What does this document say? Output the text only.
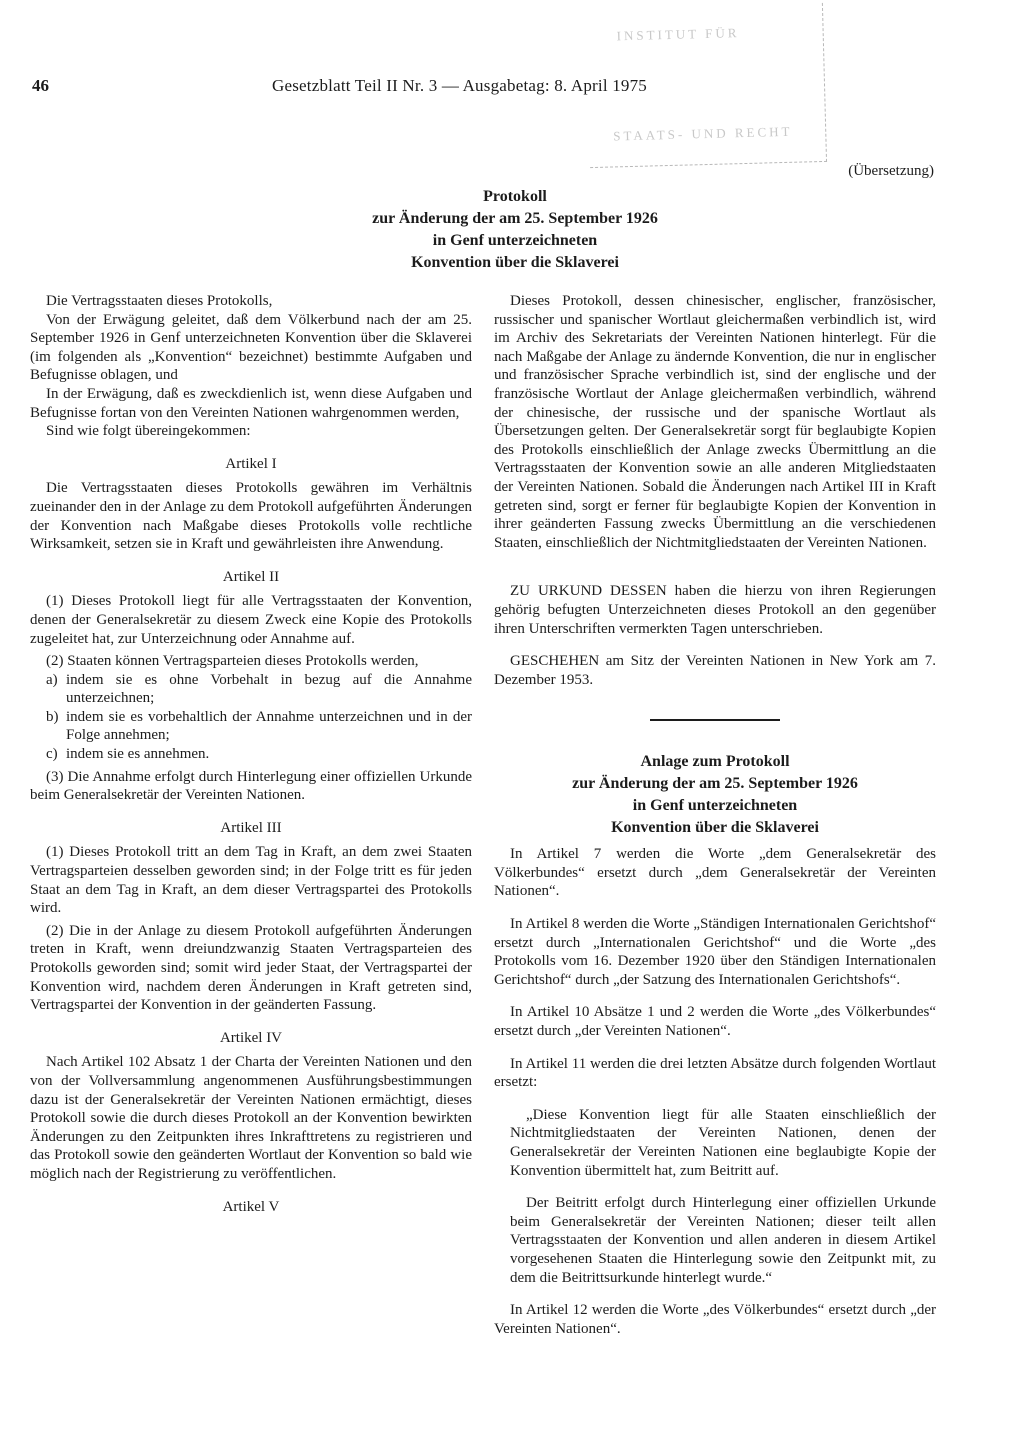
46	Gesetzblatt Teil II Nr. 3 — Ausgabetag: 8. April 1975
INSTITUT FÜR
STAATS- UND RECHT
(Übersetzung)
Protokoll
zur Änderung der am 25. September 1926
in Genf unterzeichneten
Konvention über die Sklaverei

Die Vertragsstaaten dieses Protokolls,

Von der Erwägung geleitet, daß dem Völkerbund nach der am 25. September 1926 in Genf unterzeichneten Konvention über die Sklaverei (im folgenden als „Konvention“ bezeichnet) bestimmte Aufgaben und Befugnisse oblagen, und

In der Erwägung, daß es zweckdienlich ist, wenn diese Aufgaben und Befugnisse fortan von den Vereinten Nationen wahrgenommen werden,

Sind wie folgt übereingekommen:

Artikel I

Die Vertragsstaaten dieses Protokolls gewähren im Verhältnis zueinander den in der Anlage zu dem Protokoll aufgeführten Änderungen der Konvention nach Maßgabe dieses Protokolls volle rechtliche Wirksamkeit, setzen sie in Kraft und gewährleisten ihre Anwendung.

Artikel II

(1) Dieses Protokoll liegt für alle Vertragsstaaten der Konvention, denen der Generalsekretär zu diesem Zweck eine Kopie des Protokolls zugeleitet hat, zur Unterzeichnung oder Annahme auf.

(2) Staaten können Vertragsparteien dieses Protokolls werden,

a) indem sie es ohne Vorbehalt in bezug auf die Annahme unterzeichnen;
b) indem sie es vorbehaltlich der Annahme unterzeichnen und in der Folge annehmen;
c) indem sie es annehmen.

(3) Die Annahme erfolgt durch Hinterlegung einer offiziellen Urkunde beim Generalsekretär der Vereinten Nationen.

Artikel III

(1) Dieses Protokoll tritt an dem Tag in Kraft, an dem zwei Staaten Vertragsparteien desselben geworden sind; in der Folge tritt es für jeden Staat an dem Tag in Kraft, an dem dieser Vertragspartei des Protokolls wird.

(2) Die in der Anlage zu diesem Protokoll aufgeführten Änderungen treten in Kraft, wenn dreiundzwanzig Staaten Vertragsparteien des Protokolls geworden sind; somit wird jeder Staat, der Vertragspartei der Konvention wird, nachdem deren Änderungen in Kraft getreten sind, Vertragspartei der Konvention in der geänderten Fassung.

Artikel IV

Nach Artikel 102 Absatz 1 der Charta der Vereinten Nationen und den von der Vollversammlung angenommenen Ausführungsbestimmungen dazu ist der Generalsekretär der Vereinten Nationen ermächtigt, dieses Protokoll sowie die durch dieses Protokoll an der Konvention bewirkten Änderungen zu den Zeitpunkten ihres Inkrafttretens zu registrieren und das Protokoll sowie den geänderten Wortlaut der Konvention so bald wie möglich nach der Registrierung zu veröffentlichen.

Artikel V

Dieses Protokoll, dessen chinesischer, englischer, französischer, russischer und spanischer Wortlaut gleichermaßen verbindlich ist, wird im Archiv des Sekretariats der Vereinten Nationen hinterlegt. Für die nach Maßgabe der Anlage zu ändernde Konvention, die nur in englischer und französischer Sprache verbindlich ist, sind der englische und der französische Wortlaut der Anlage gleichermaßen verbindlich, während der chinesische, der russische und der spanische Wortlaut als Übersetzungen gelten. Der Generalsekretär sorgt für beglaubigte Kopien des Protokolls einschließlich der Anlage zwecks Übermittlung an die Vertragsstaaten der Konvention sowie an alle anderen Mitgliedstaaten der Vereinten Nationen. Sobald die Änderungen nach Artikel III in Kraft getreten sind, sorgt er ferner für beglaubigte Kopien der Konvention in ihrer geänderten Fassung zwecks Übermittlung an die verschiedenen Staaten, einschließlich der Nichtmitgliedstaaten der Vereinten Nationen.

ZU URKUND DESSEN haben die hierzu von ihren Regierungen gehörig befugten Unterzeichneten dieses Protokoll an den gegenüber ihren Unterschriften vermerkten Tagen unterschrieben.

GESCHEHEN am Sitz der Vereinten Nationen in New York am 7. Dezember 1953.

Anlage zum Protokoll
zur Änderung der am 25. September 1926
in Genf unterzeichneten
Konvention über die Sklaverei

In Artikel 7 werden die Worte „dem Generalsekretär des Völkerbundes“ ersetzt durch „dem Generalsekretär der Vereinten Nationen“.

In Artikel 8 werden die Worte „Ständigen Internationalen Gerichtshof“ ersetzt durch „Internationalen Gerichtshof“ und die Worte „des Protokolls vom 16. Dezember 1920 über den Ständigen Internationalen Gerichtshof“ durch „der Satzung des Internationalen Gerichtshofs“.

In Artikel 10 Absätze 1 und 2 werden die Worte „des Völkerbundes“ ersetzt durch „der Vereinten Nationen“.

In Artikel 11 werden die drei letzten Absätze durch folgenden Wortlaut ersetzt:

„Diese Konvention liegt für alle Staaten einschließlich der Nichtmitgliedstaaten der Vereinten Nationen, denen der Generalsekretär der Vereinten Nationen eine beglaubigte Kopie der Konvention übermittelt hat, zum Beitritt auf.

Der Beitritt erfolgt durch Hinterlegung einer offiziellen Urkunde beim Generalsekretär der Vereinten Nationen; dieser teilt allen Vertragsstaaten der Konvention und allen anderen in diesem Artikel vorgesehenen Staaten die Hinterlegung sowie den Zeitpunkt mit, zu dem die Beitrittsurkunde hinterlegt wurde.“

In Artikel 12 werden die Worte „des Völkerbundes“ ersetzt durch „der Vereinten Nationen“.
